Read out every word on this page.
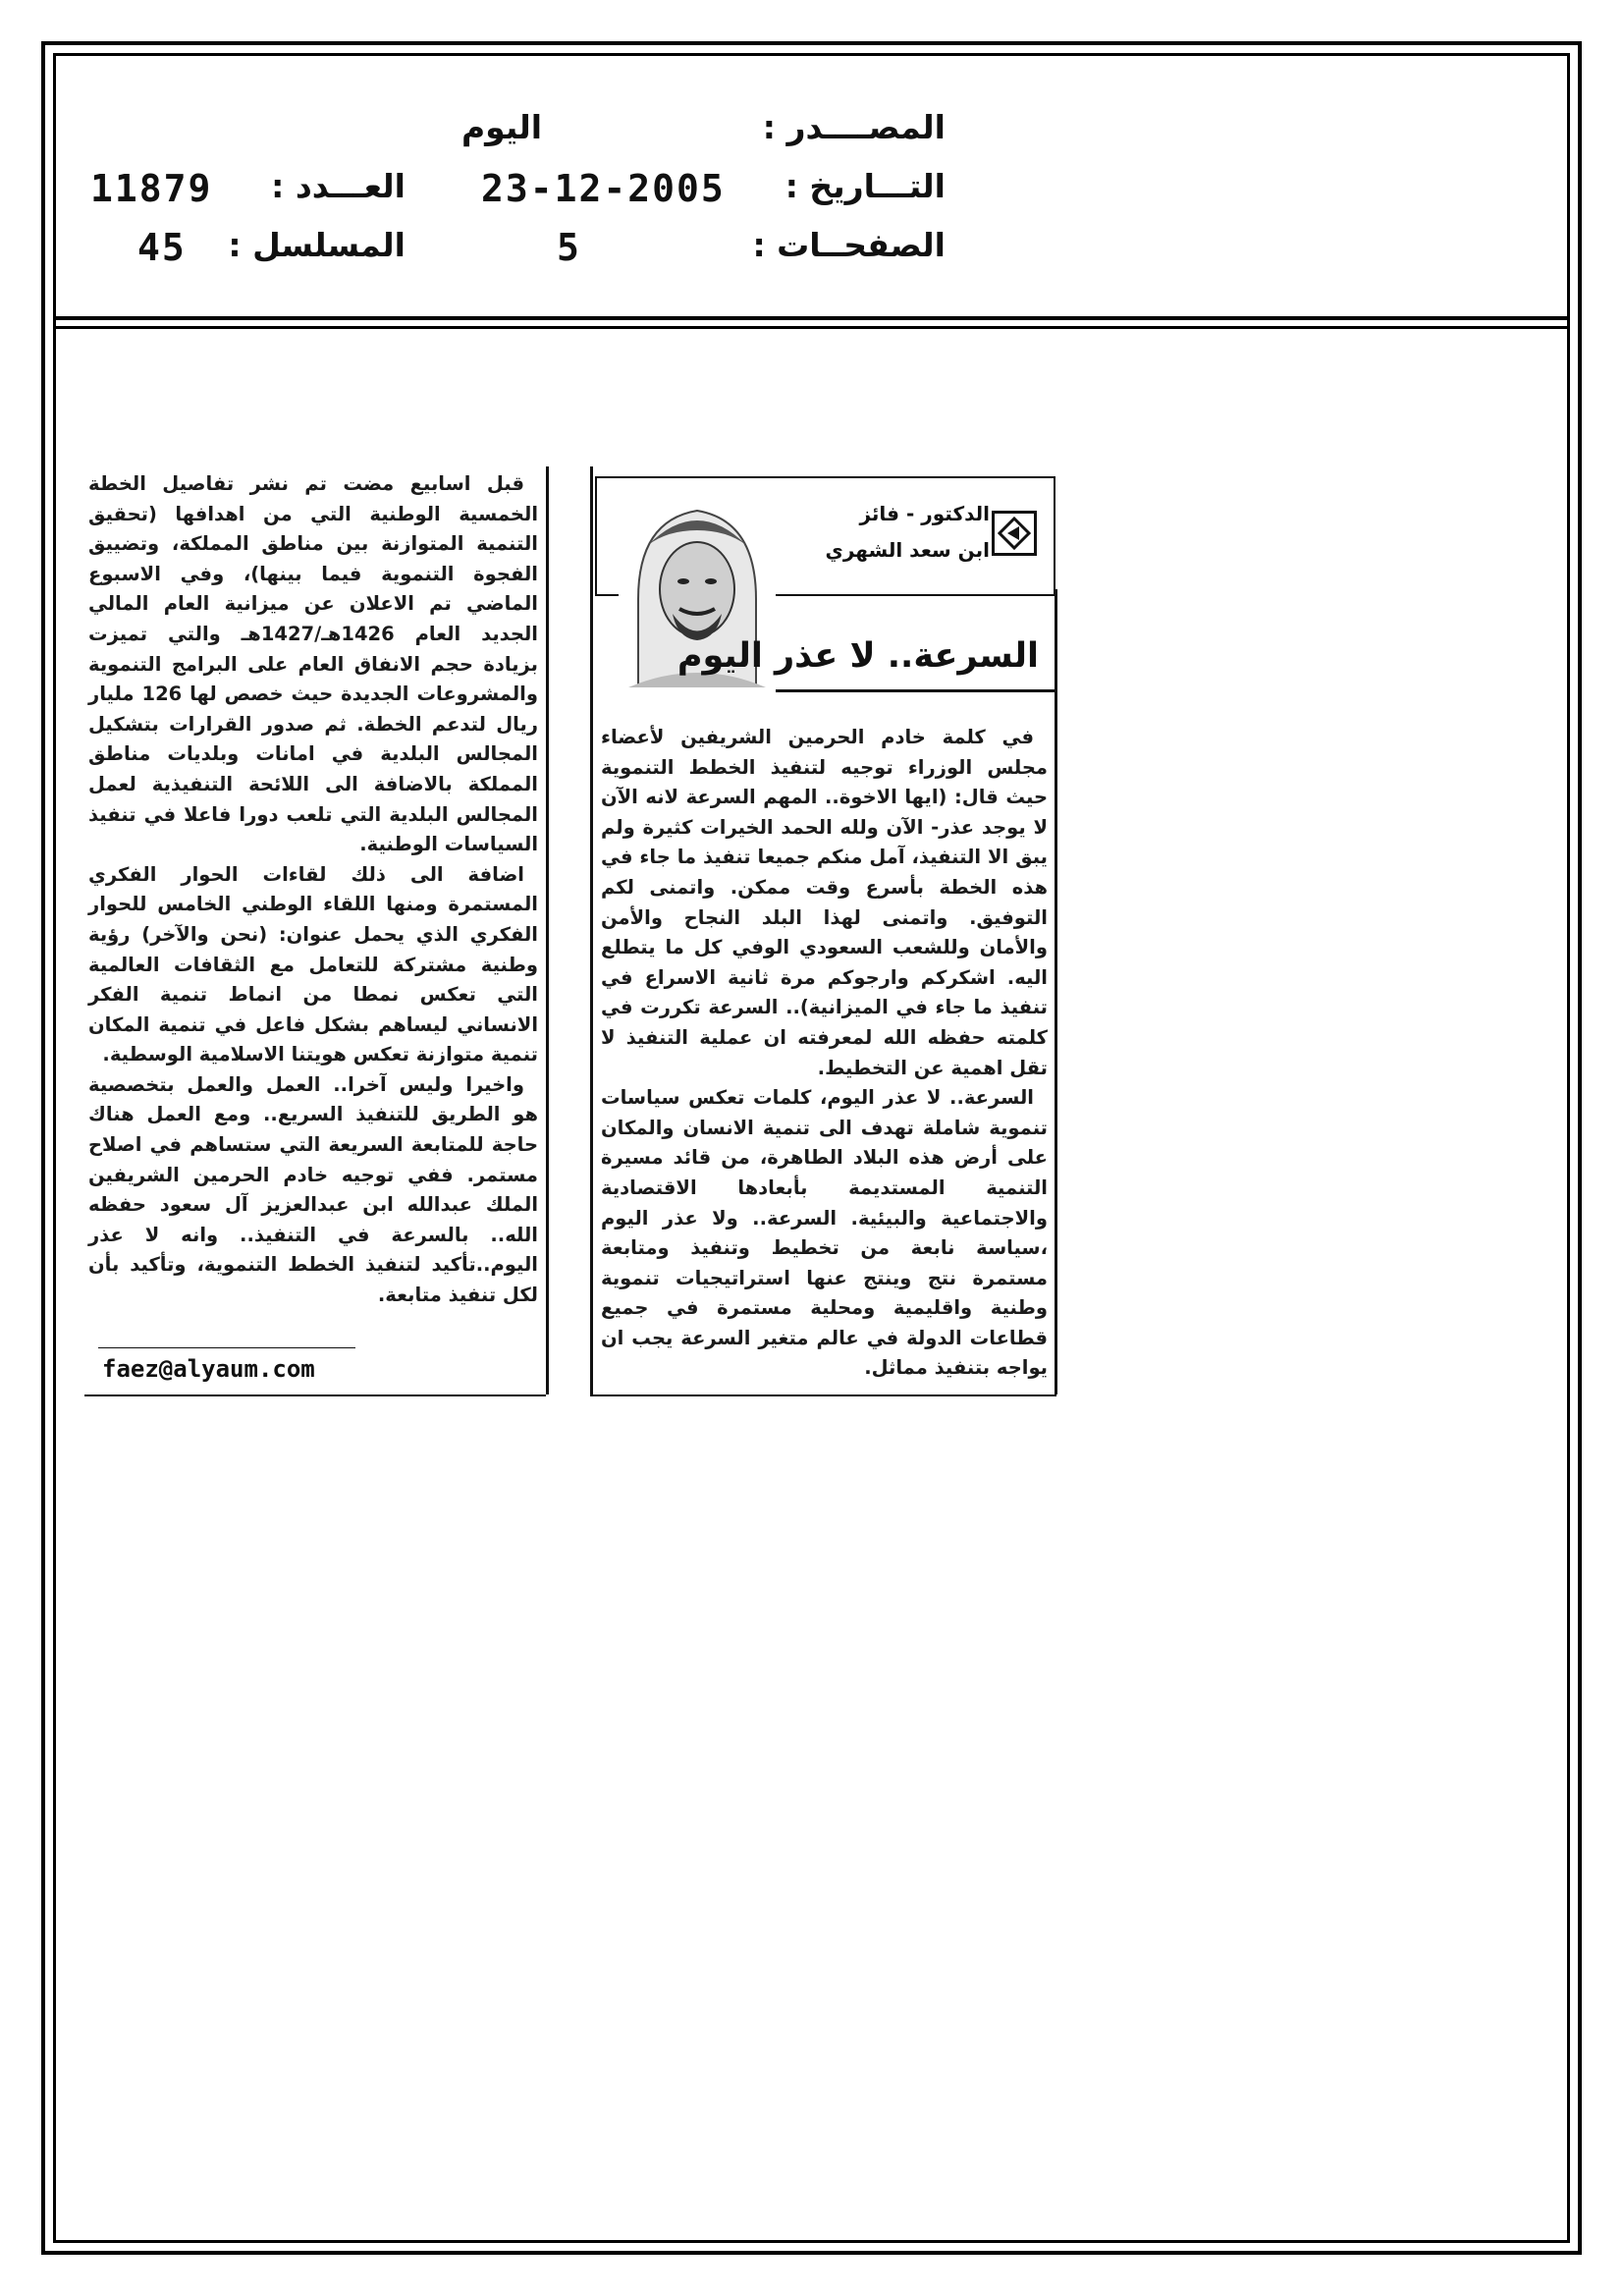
المصــــدر :
اليوم
التـــاريخ :
23-12-2005
العـــدد :
11879
الصفحــات :
5
المسلسل :
45
الدكتور - فائز
ابن سعد الشهري
السرعة.. لا عذر اليوم

في كلمة خادم الحرمين الشريفين لأعضاء مجلس الوزراء توجيه لتنفيذ الخطط التنموية حيث قال: (ايها الاخوة.. المهم السرعة لانه الآن لا يوجد عذر- الآن ولله الحمد الخيرات كثيرة ولم يبق الا التنفيذ، آمل منكم جميعا تنفيذ ما جاء في هذه الخطة بأسرع وقت ممكن. واتمنى لكم التوفيق. واتمنى لهذا البلد النجاح والأمن والأمان وللشعب السعودي الوفي كل ما يتطلع اليه. اشكركم وارجوكم مرة ثانية الاسراع في تنفيذ ما جاء في الميزانية).. السرعة تكررت في كلمته حفظه الله لمعرفته ان عملية التنفيذ لا تقل اهمية عن التخطيط.

السرعة.. لا عذر اليوم، كلمات تعكس سياسات تنموية شاملة تهدف الى تنمية الانسان والمكان على أرض هذه البلاد الطاهرة، من قائد مسيرة التنمية المستديمة بأبعادها الاقتصادية والاجتماعية والبيئية. السرعة.. ولا عذر اليوم ،سياسة نابعة من تخطيط وتنفيذ ومتابعة مستمرة نتج وينتج عنها استراتيجيات تنموية وطنية واقليمية ومحلية مستمرة في جميع قطاعات الدولة في عالم متغير السرعة يجب ان يواجه بتنفيذ مماثل.

قبل اسابيع مضت تم نشر تفاصيل الخطة الخمسية الوطنية التي من اهدافها (تحقيق التنمية المتوازنة بين مناطق المملكة، وتضييق الفجوة التنموية فيما بينها)، وفي الاسبوع الماضي تم الاعلان عن ميزانية العام المالي الجديد العام 1426هـ/1427هـ والتي تميزت بزيادة حجم الانفاق العام على البرامج التنموية والمشروعات الجديدة حيث خصص لها 126 مليار ريال لتدعم الخطة. ثم صدور القرارات بتشكيل المجالس البلدية في امانات وبلديات مناطق المملكة بالاضافة الى اللائحة التنفيذية لعمل المجالس البلدية التي تلعب دورا فاعلا في تنفيذ السياسات الوطنية.

اضافة الى ذلك لقاءات الحوار الفكري المستمرة ومنها اللقاء الوطني الخامس للحوار الفكري الذي يحمل عنوان: (نحن والآخر) رؤية وطنية مشتركة للتعامل مع الثقافات العالمية التي تعكس نمطا من انماط تنمية الفكر الانساني ليساهم بشكل فاعل في تنمية المكان تنمية متوازنة تعكس هويتنا الاسلامية الوسطية.

واخيرا وليس آخرا.. العمل والعمل بتخصصية هو الطريق للتنفيذ السريع.. ومع العمل هناك حاجة للمتابعة السريعة التي ستساهم في اصلاح مستمر. ففي توجيه خادم الحرمين الشريفين الملك عبدالله ابن عبدالعزيز آل سعود حفظه الله.. بالسرعة في التنفيذ.. وانه لا عذر اليوم..تأكيد لتنفيذ الخطط التنموية، وتأكيد بأن لكل تنفيذ متابعة.

faez@alyaum.com
